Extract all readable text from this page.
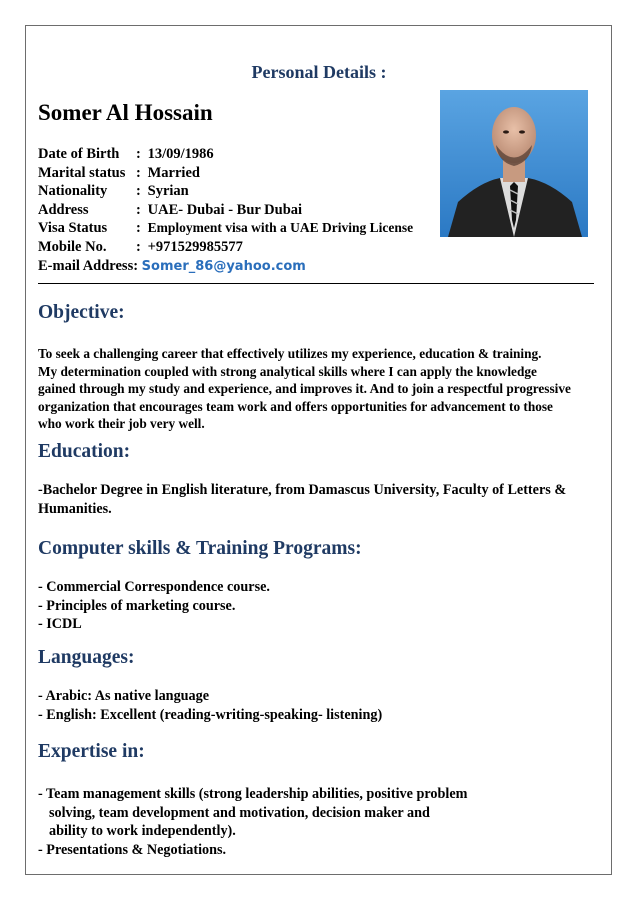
Personal Details :
Somer Al Hossain
Date of Birth : 13/09/1986
Marital status : Married
Nationality : Syrian
Address	: UAE- Dubai - Bur Dubai
Visa Status : Employment visa with a UAE Driving License
Mobile No. : +971529985577
E-mail Address: Somer_86@yahoo.com
Objective:

To seek a challenging career that effectively utilizes my experience, education & training.

My determination coupled with strong analytical skills where I can apply the knowledge

gained through my study and experience, and improves it. And to join a respectful progressive

organization that encourages team work and offers opportunities for advancement to those

who work their job very well.

Education:

-Bachelor Degree in English literature, from Damascus University, Faculty of Letters &

Humanities.

Computer skills & Training Programs:

- Commercial Correspondence course.

- Principles of marketing course.

- ICDL

Languages:

- Arabic: As native language

- English: Excellent (reading-writing-speaking- listening)

Expertise in:

- Team management skills (strong leadership abilities, positive problem

solving, team development and motivation, decision maker and

ability to work independently).

- Presentations & Negotiations.
